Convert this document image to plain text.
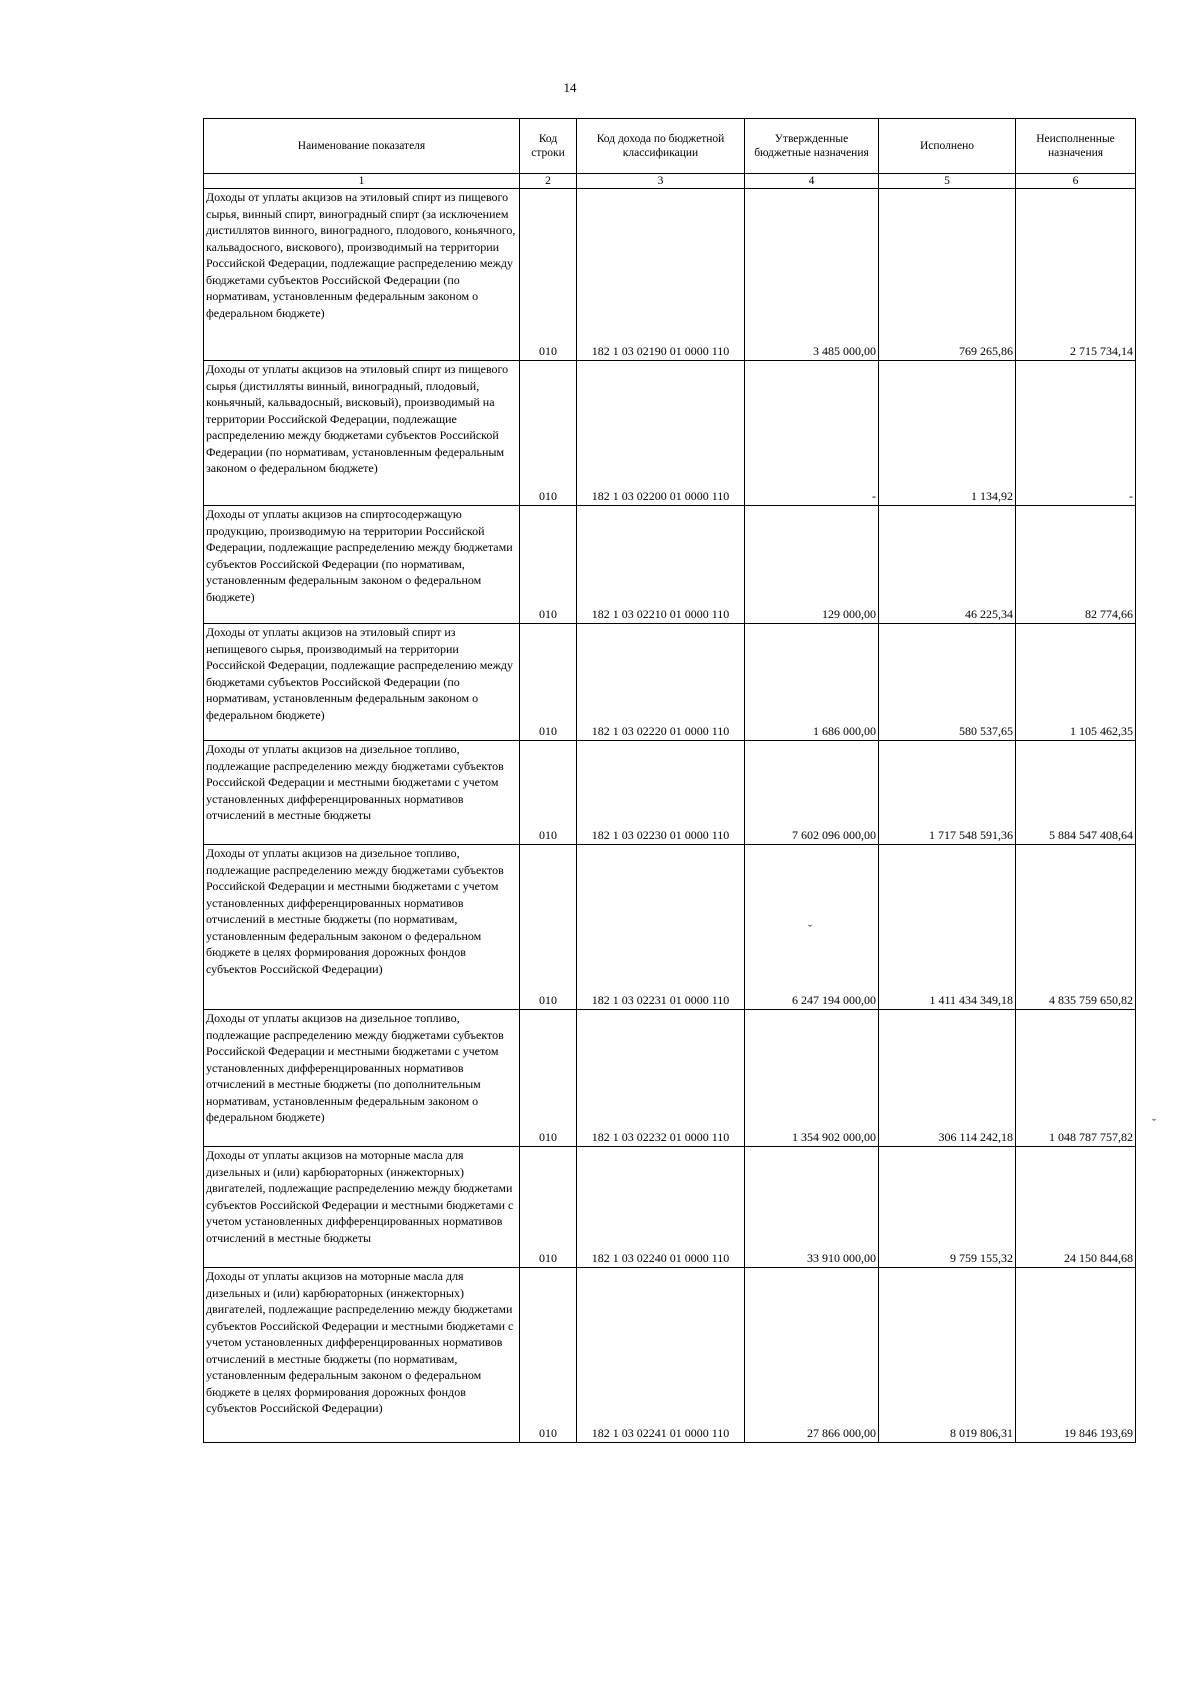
14
Наименование показателя	Код строки	Код дохода по бюджетной классификации	Утвержденные бюджетные назначения	Исполнено	Неисполненные назначения
1	2	3	4	5	6
Доходы от уплаты акцизов на этиловый спирт из пищевого сырья, винный спирт, виноградный спирт (за исключением дистиллятов винного, виноградного, плодового, коньячного, кальвадосного, вискового), производимый на территории Российской Федерации, подлежащие распределению между бюджетами субъектов Российской Федерации (по нормативам, установленным федеральным законом о федеральном бюджете)	010	182 1 03 02190 01 0000 110	3 485 000,00	769 265,86	2 715 734,14
Доходы от уплаты акцизов на этиловый спирт из пищевого сырья (дистилляты винный, виноградный, плодовый, коньячный, кальвадосный, висковый), производимый на территории Российской Федерации, подлежащие распределению между бюджетами субъектов Российской Федерации (по нормативам, установленным федеральным законом о федеральном бюджете)	010	182 1 03 02200 01 0000 110	-	1 134,92	-
Доходы от уплаты акцизов на спиртосодержащую продукцию, производимую на территории Российской Федерации, подлежащие распределению между бюджетами субъектов Российской Федерации (по нормативам, установленным федеральным законом о федеральном бюджете)	010	182 1 03 02210 01 0000 110	129 000,00	46 225,34	82 774,66
Доходы от уплаты акцизов на этиловый спирт из непищевого сырья, производимый на территории Российской Федерации, подлежащие распределению между бюджетами субъектов Российской Федерации (по нормативам, установленным федеральным законом о федеральном бюджете)	010	182 1 03 02220 01 0000 110	1 686 000,00	580 537,65	1 105 462,35
Доходы от уплаты акцизов на дизельное топливо, подлежащие распределению между бюджетами субъектов Российской Федерации и местными бюджетами с учетом установленных дифференцированных нормативов отчислений в местные бюджеты	010	182 1 03 02230 01 0000 110	7 602 096 000,00	1 717 548 591,36	5 884 547 408,64
Доходы от уплаты акцизов на дизельное топливо, подлежащие распределению между бюджетами субъектов Российской Федерации и местными бюджетами с учетом установленных дифференцированных нормативов отчислений в местные бюджеты (по нормативам, установленным федеральным законом о федеральном бюджете в целях формирования дорожных фондов субъектов Российской Федерации)	010	182 1 03 02231 01 0000 110	6 247 194 000,00	1 411 434 349,18	4 835 759 650,82
Доходы от уплаты акцизов на дизельное топливо, подлежащие распределению между бюджетами субъектов Российской Федерации и местными бюджетами с учетом установленных дифференцированных нормативов отчислений в местные бюджеты (по дополнительным нормативам, установленным федеральным законом о федеральном бюджете)	010	182 1 03 02232 01 0000 110	1 354 902 000,00	306 114 242,18	1 048 787 757,82
Доходы от уплаты акцизов на моторные масла для дизельных и (или) карбюраторных (инжекторных) двигателей, подлежащие распределению между бюджетами субъектов Российской Федерации и местными бюджетами с учетом установленных дифференцированных нормативов отчислений в местные бюджеты	010	182 1 03 02240 01 0000 110	33 910 000,00	9 759 155,32	24 150 844,68
Доходы от уплаты акцизов на моторные масла для дизельных и (или) карбюраторных (инжекторных) двигателей, подлежащие распределению между бюджетами субъектов Российской Федерации и местными бюджетами с учетом установленных дифференцированных нормативов отчислений в местные бюджеты (по нормативам, установленным федеральным законом о федеральном бюджете в целях формирования дорожных фондов субъектов Российской Федерации)	010	182 1 03 02241 01 0000 110	27 866 000,00	8 019 806,31	19 846 193,69
ˇ
ˇ
